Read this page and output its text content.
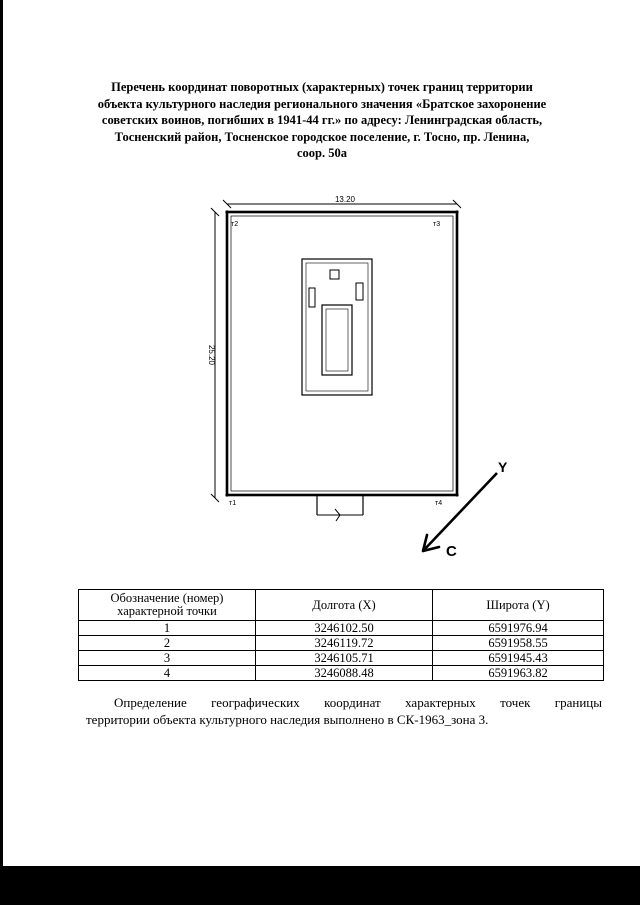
Перечень координат поворотных (характерных) точек границ территории
объекта культурного наследия регионального значения «Братское захоронение
советских воинов, погибших в 1941-44 гг.» по адресу: Ленинградская область,
Тосненский район, Тосненское городское поселение, г. Тосно, пр. Ленина,
соор. 50а
13.20
25.20
т2	т3
т1	т4
Y
С
Обозначение (номер) характерной точки	Долгота (X)	Широта (Y)
1	3246102.50	6591976.94
2	3246119.72	6591958.55
3	3246105.71	6591945.43
4	3246088.48	6591963.82

Определение географических координат характерных точек границы
территории объекта культурного наследия выполнено в СК-1963_зона 3.
